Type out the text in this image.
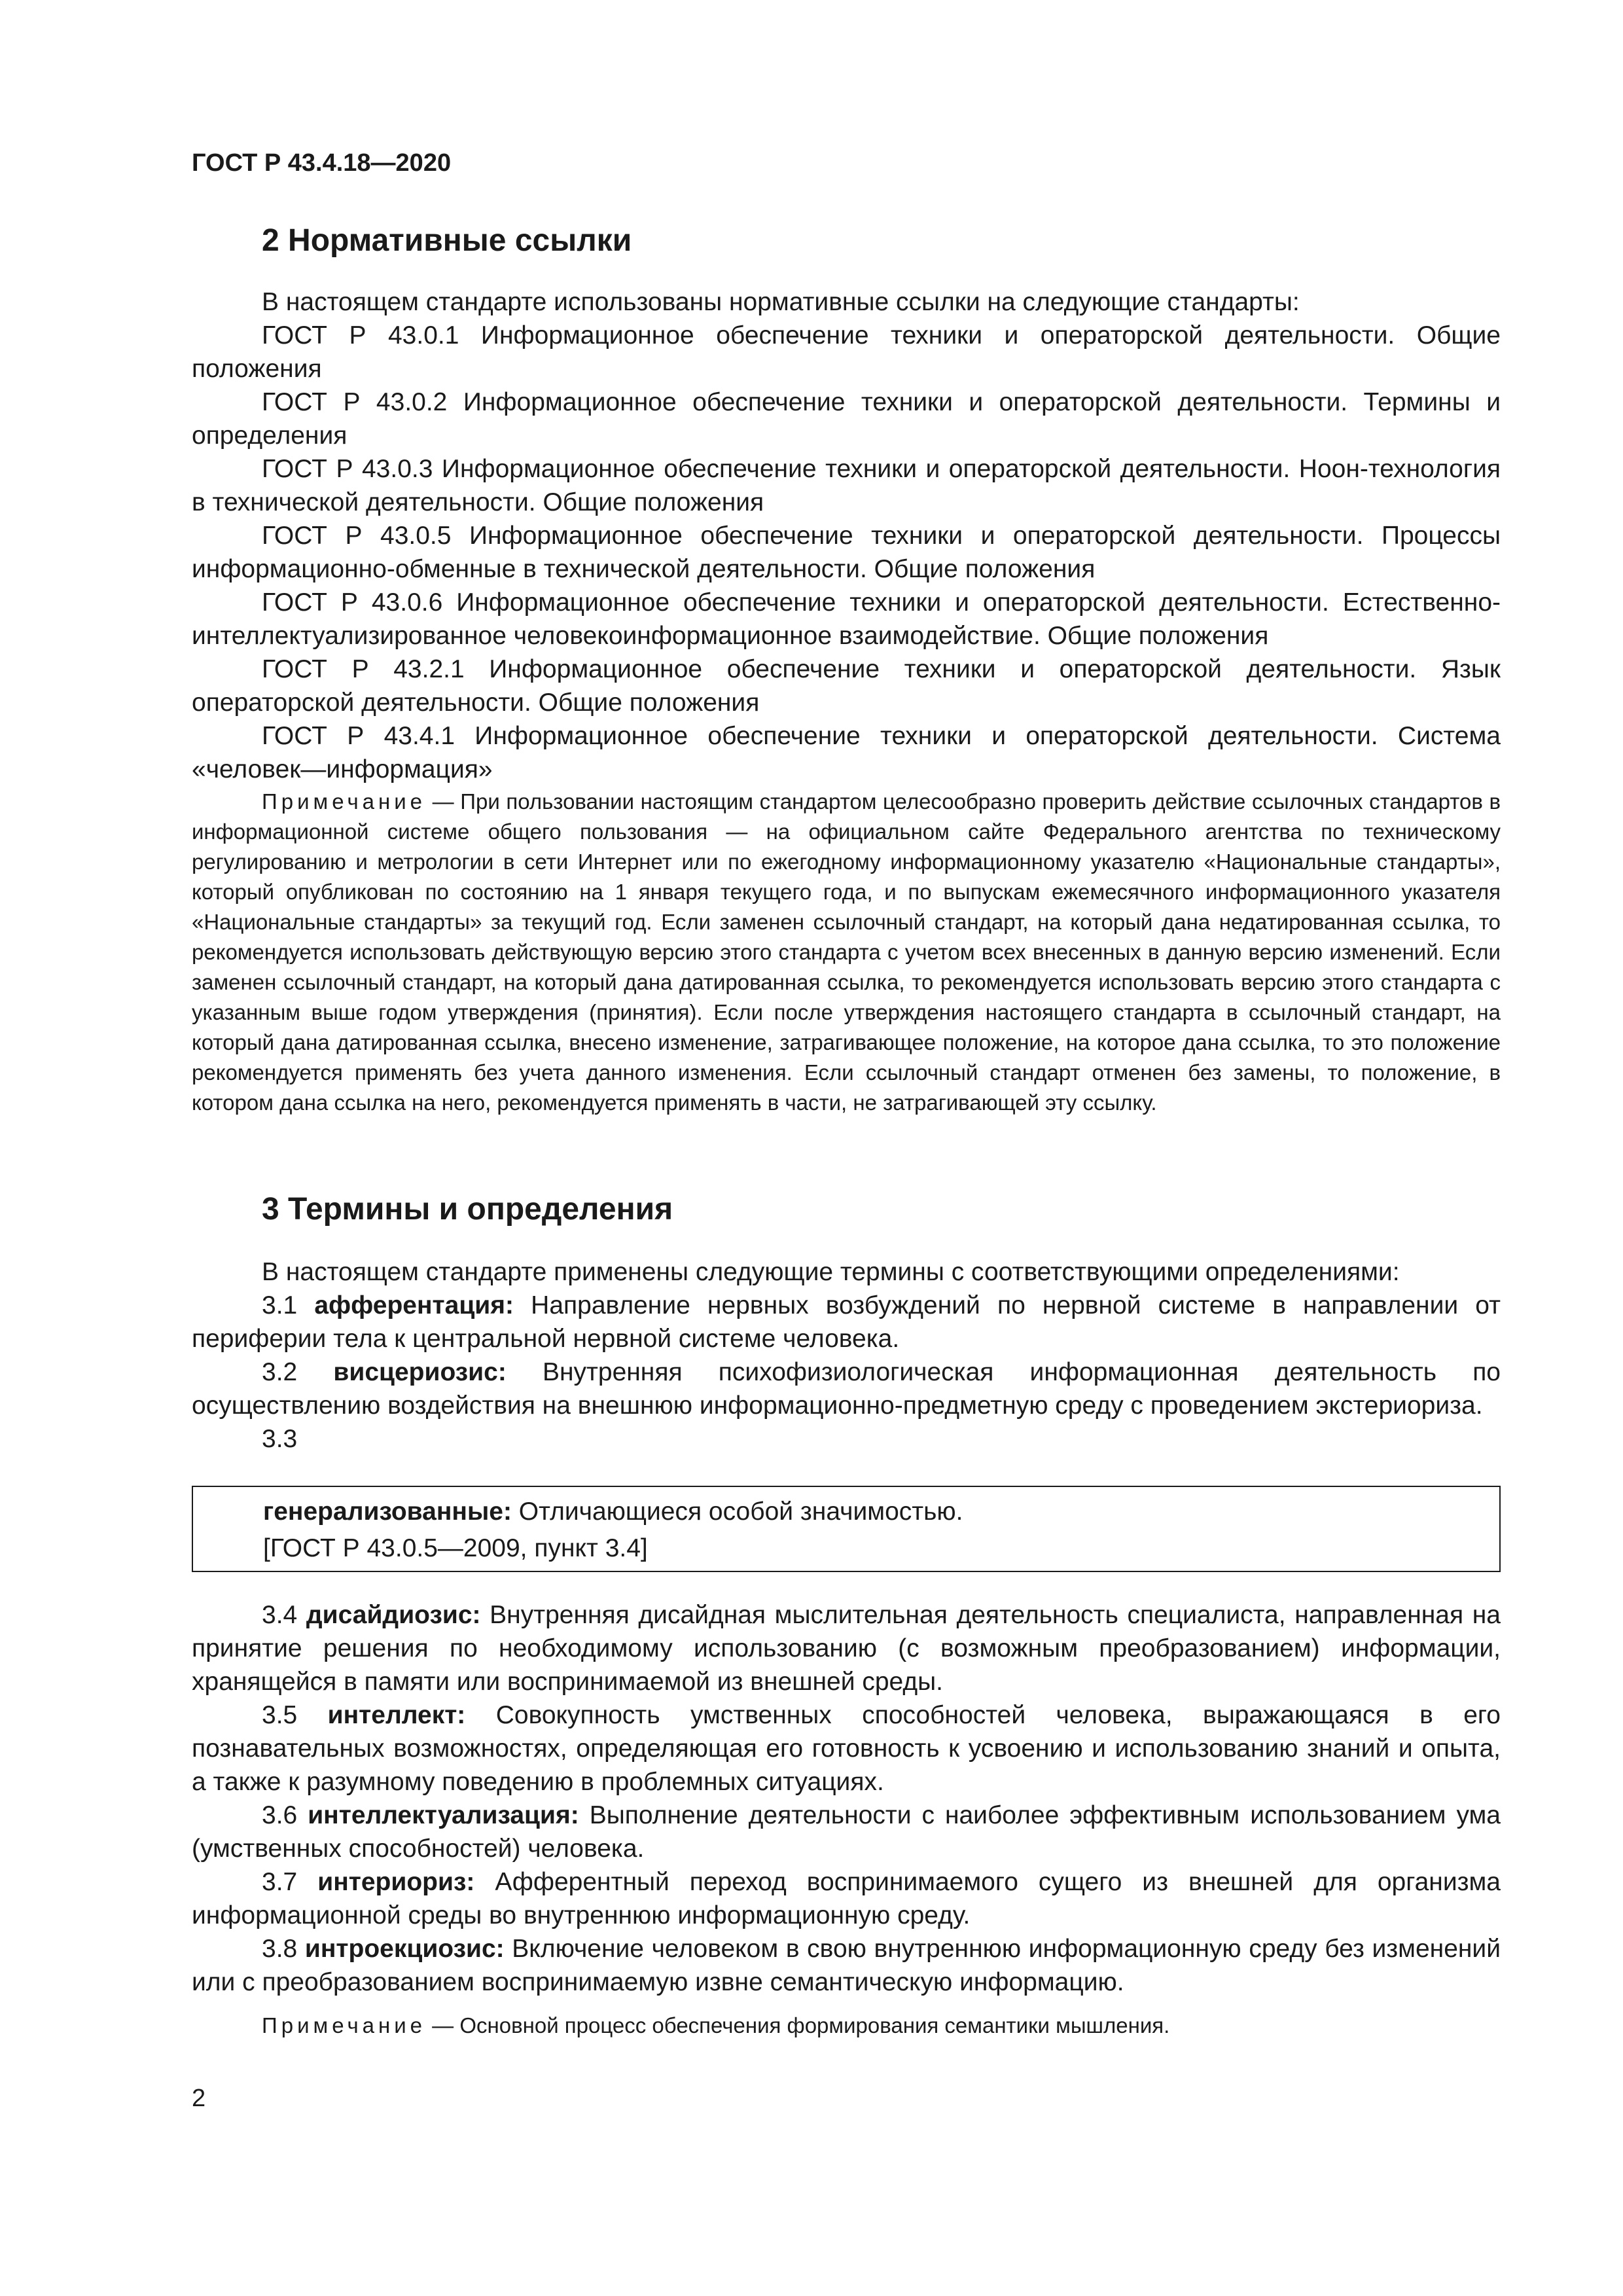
ГОСТ Р 43.4.18—2020
2 Нормативные ссылки

В настоящем стандарте использованы нормативные ссылки на следующие стандарты:

ГОСТ Р 43.0.1 Информационное обеспечение техники и операторской деятельности. Общие положения

ГОСТ Р 43.0.2 Информационное обеспечение техники и операторской деятельности. Термины и определения

ГОСТ Р 43.0.3 Информационное обеспечение техники и операторской деятельности. Ноон-технология в технической деятельности. Общие положения

ГОСТ Р 43.0.5 Информационное обеспечение техники и операторской деятельности. Процессы информационно-обменные в технической деятельности. Общие положения

ГОСТ Р 43.0.6 Информационное обеспечение техники и операторской деятельности. Естественно-интеллектуализированное человекоинформационное взаимодействие. Общие положения

ГОСТ Р 43.2.1 Информационное обеспечение техники и операторской деятельности. Язык операторской деятельности. Общие положения

ГОСТ Р 43.4.1 Информационное обеспечение техники и операторской деятельности. Система «человек—информация»

Примечание — При пользовании настоящим стандартом целесообразно проверить действие ссылочных стандартов в информационной системе общего пользования — на официальном сайте Федерального агентства по техническому регулированию и метрологии в сети Интернет или по ежегодному информационному указателю «Национальные стандарты», который опубликован по состоянию на 1 января текущего года, и по выпускам ежемесячного информационного указателя «Национальные стандарты» за текущий год. Если заменен ссылочный стандарт, на который дана недатированная ссылка, то рекомендуется использовать действующую версию этого стандарта с учетом всех внесенных в данную версию изменений. Если заменен ссылочный стандарт, на который дана датированная ссылка, то рекомендуется использовать версию этого стандарта с указанным выше годом утверждения (принятия). Если после утверждения настоящего стандарта в ссылочный стандарт, на который дана датированная ссылка, внесено изменение, затрагивающее положение, на которое дана ссылка, то это положение рекомендуется применять без учета данного изменения. Если ссылочный стандарт отменен без замены, то положение, в котором дана ссылка на него, рекомендуется применять в части, не затрагивающей эту ссылку.

3 Термины и определения

В настоящем стандарте применены следующие термины с соответствующими определениями:

3.1 афферентация: Направление нервных возбуждений по нервной системе в направлении от периферии тела к центральной нервной системе человека.

3.2 висцериозис: Внутренняя психофизиологическая информационная деятельность по осуществлению воздействия на внешнюю информационно-предметную среду с проведением экстериориза.

3.3

генерализованные: Отличающиеся особой значимостью.

[ГОСТ Р 43.0.5—2009, пункт 3.4]

3.4 дисайдиозис: Внутренняя дисайдная мыслительная деятельность специалиста, направленная на принятие решения по необходимому использованию (с возможным преобразованием) информации, хранящейся в памяти или воспринимаемой из внешней среды.

3.5 интеллект: Совокупность умственных способностей человека, выражающаяся в его познавательных возможностях, определяющая его готовность к усвоению и использованию знаний и опыта, а также к разумному поведению в проблемных ситуациях.

3.6 интеллектуализация: Выполнение деятельности с наиболее эффективным использованием ума (умственных способностей) человека.

3.7 интериориз: Афферентный переход воспринимаемого сущего из внешней для организма информационной среды во внутреннюю информационную среду.

3.8 интроекциозис: Включение человеком в свою внутреннюю информационную среду без изменений или с преобразованием воспринимаемую извне семантическую информацию.

Примечание — Основной процесс обеспечения формирования семантики мышления.

2
